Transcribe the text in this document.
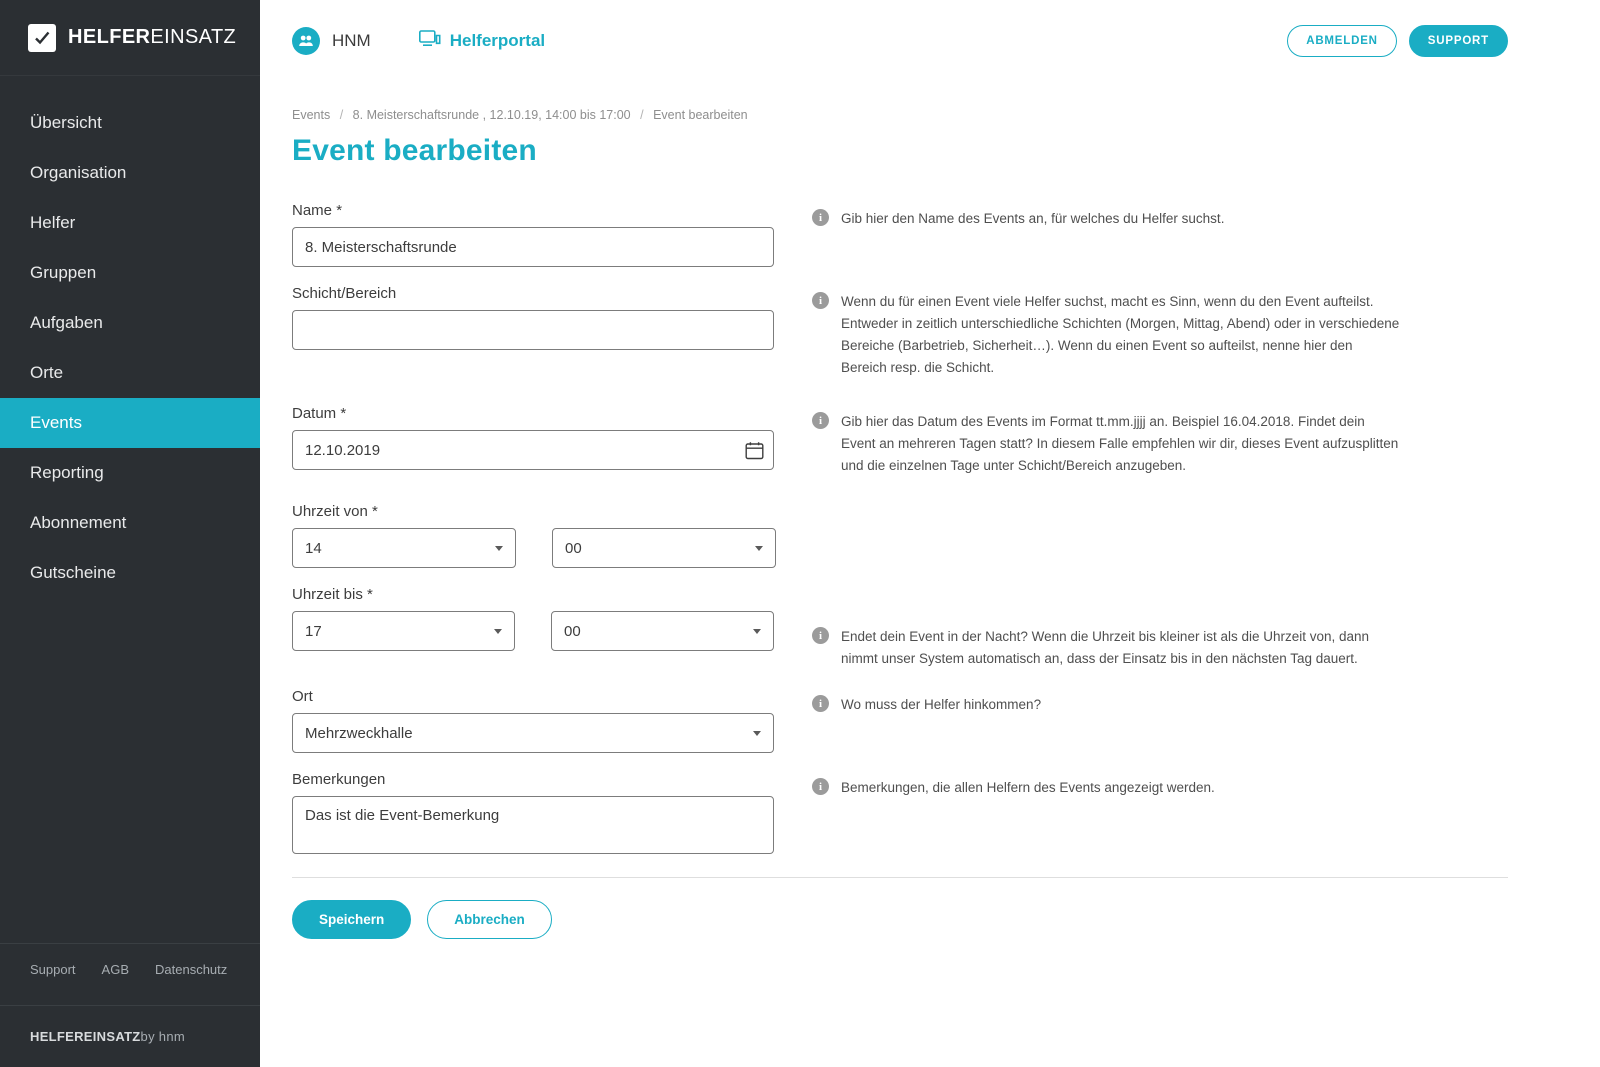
HELFEREINSATZ
Übersicht
Organisation
Helfer
Gruppen
Aufgaben
Orte
Events
Reporting
Abonnement
Gutscheine
Support AGB Datenschutz
HELFEREINSATZ by hnm
HNM	Helferportal	ABMELDEN	SUPPORT
Events / 8. Meisterschaftsrunde , 12.10.19, 14:00 bis 17:00 / Event bearbeiten
Event bearbeiten
Name *
8. Meisterschaftsrunde	i	Gib hier den Name des Events an, für welches du Helfer suchst.
Schicht/Bereich	i	Wenn du für einen Event viele Helfer suchst, macht es Sinn, wenn du den Event aufteilst. Entweder in zeitlich unterschiedliche Schichten (Morgen, Mittag, Abend) oder in verschiedene Bereiche (Barbetrieb, Sicherheit…). Wenn du einen Event so aufteilst, nenne hier den Bereich resp. die Schicht.
Datum *
12.10.2019	i	Gib hier das Datum des Events im Format tt.mm.jjjj an. Beispiel 16.04.2018. Findet dein Event an mehreren Tagen statt? In diesem Falle empfehlen wir dir, dieses Event aufzusplitten und die einzelnen Tage unter Schicht/Bereich anzugeben.
Uhrzeit von *
14	00
Uhrzeit bis *
17	00	i	Endet dein Event in der Nacht? Wenn die Uhrzeit bis kleiner ist als die Uhrzeit von, dann nimmt unser System automatisch an, dass der Einsatz bis in den nächsten Tag dauert.
Ort
Mehrzweckhalle
i	Wo muss der Helfer hinkommen?
Bemerkungen
Das ist die Event-Bemerkung	i	Bemerkungen, die allen Helfern des Events angezeigt werden.
Speichern	Abbrechen
